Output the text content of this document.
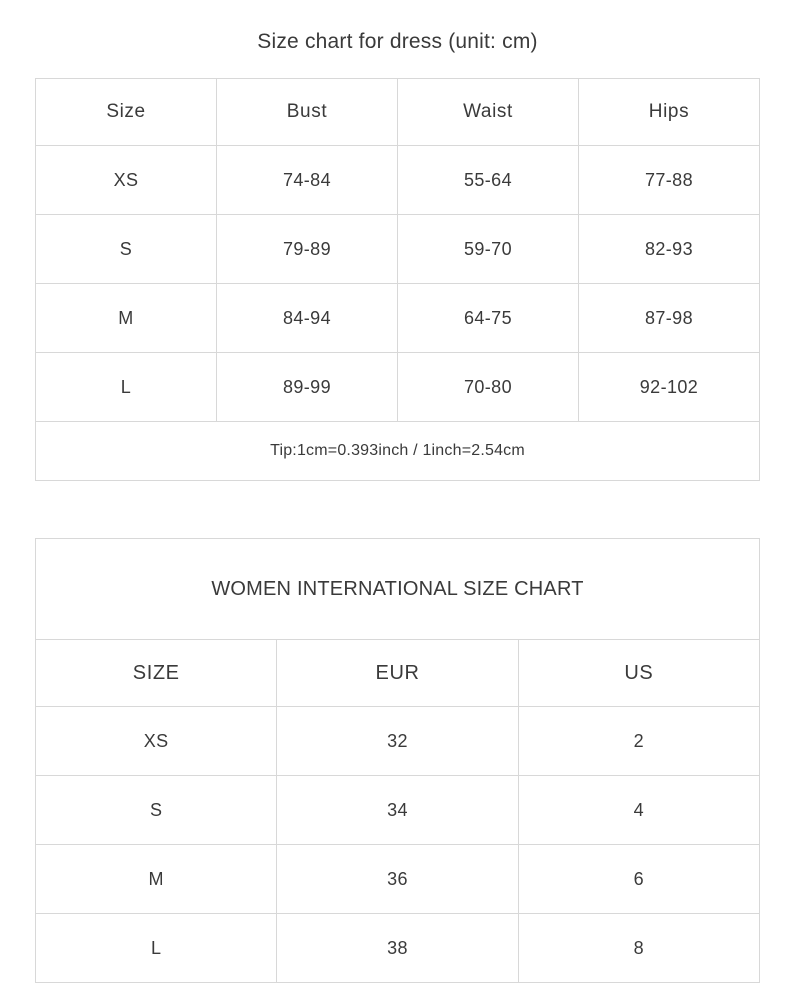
Size chart for dress (unit: cm)			
Size	Bust	Waist	Hips
XS	74-84	55-64	77-88
S	79-89	59-70	82-93
M	84-94	64-75	87-98
L	89-99	70-80	92-102
Tip:1cm=0.393inch / 1inch=2.54cm			
WOMEN INTERNATIONAL SIZE CHART		
SIZE	EUR	US
XS	32	2
S	34	4
M	36	6
L	38	8
